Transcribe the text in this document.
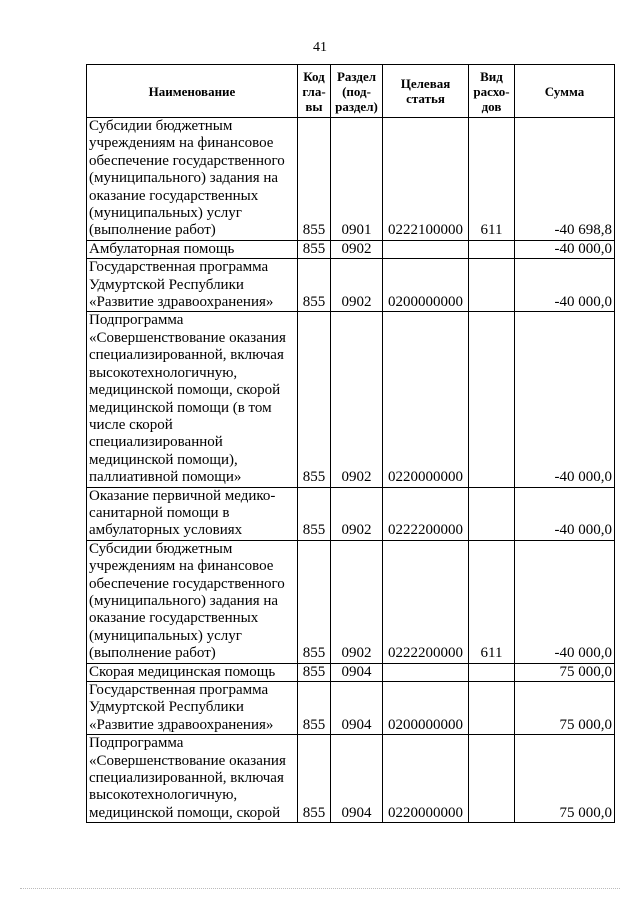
41
Наименование	Код гла-вы	Раздел (под-раздел)	Целевая статья	Вид расхо-дов	Сумма
Субсидии бюджетным учреждениям на финансовое обеспечение государственного (муниципального) задания на оказание государственных (муниципальных) услуг (выполнение работ)	855	0901	0222100000	611	-40 698,8
Амбулаторная помощь	855	0902			-40 000,0
Государственная программа Удмуртской Республики «Развитие здравоохранения»	855	0902	0200000000		-40 000,0
Подпрограмма «Совершенствование оказания специализированной, включая высокотехнологичную, медицинской помощи, скорой медицинской помощи (в том числе скорой специализированной медицинской помощи), паллиативной помощи»	855	0902	0220000000		-40 000,0
Оказание первичной медико-санитарной помощи в амбулаторных условиях	855	0902	0222200000		-40 000,0
Субсидии бюджетным учреждениям на финансовое обеспечение государственного (муниципального) задания на оказание государственных (муниципальных) услуг (выполнение работ)	855	0902	0222200000	611	-40 000,0
Скорая медицинская помощь	855	0904			75 000,0
Государственная программа Удмуртской Республики «Развитие здравоохранения»	855	0904	0200000000		75 000,0
Подпрограмма «Совершенствование оказания специализированной, включая высокотехнологичную, медицинской помощи, скорой	855	0904	0220000000		75 000,0
